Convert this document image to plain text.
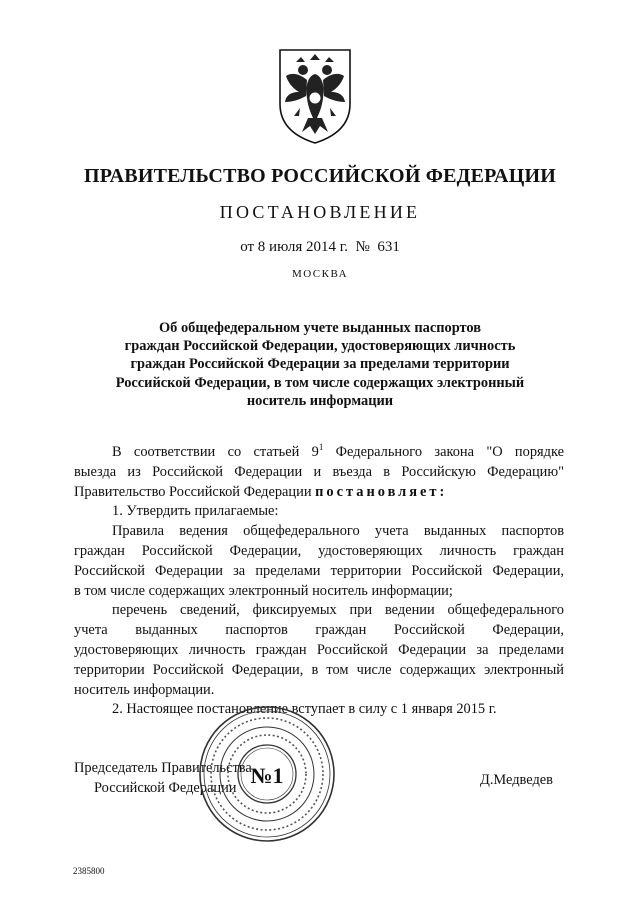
ПРАВИТЕЛЬСТВО РОССИЙСКОЙ ФЕДЕРАЦИИ
ПОСТАНОВЛЕНИЕ
от 8 июля 2014 г. № 631
МОСКВА
Об общефедеральном учете выданных паспортов
граждан Российской Федерации, удостоверяющих личность
граждан Российской Федерации за пределами территории
Российской Федерации, в том числе содержащих электронный
носитель информации

В соответствии со статьей $9^1$ Федерального закона "О порядке
выезда из Российской Федерации и въезда в Российскую Федерацию"
Правительство Российской Федерации постановляет:

1. Утвердить прилагаемые:

Правила ведения общефедерального учета выданных паспортов
граждан Российской Федерации, удостоверяющих личность граждан
Российской Федерации за пределами территории Российской Федерации,
в том числе содержащих электронный носитель информации;

перечень сведений, фиксируемых при ведении общефедерального
учета выданных паспортов граждан Российской Федерации,
удостоверяющих личность граждан Российской Федерации за пределами
территории Российской Федерации, в том числе содержащих электронный
носитель информации.

2. Настоящее постановление вступает в силу с 1 января 2015 г.

Председатель Правительства
Российской Федерации	Д.Медведев
№1
2385800
